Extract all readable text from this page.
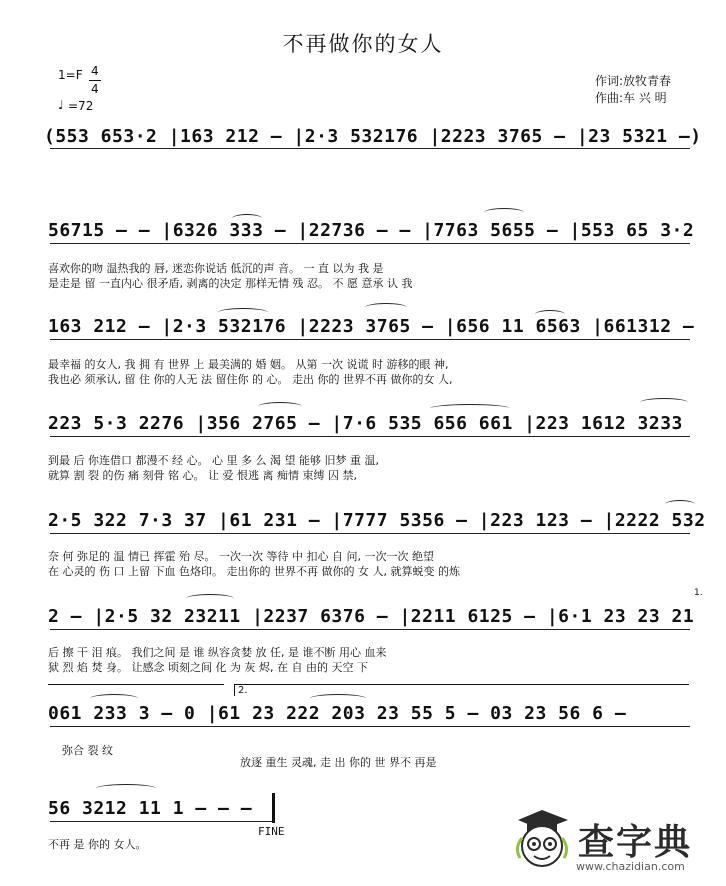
不再做你的女人
1=F 4
4
♩ =72
作词:放牧青春
作曲:车 兴 明
(553 653·2 |163 212 — |2·3 532176 |2223 3765 — |23 5321 —)
56715 — — |6326 333 — |22736 — — |7763 5655 — |553 65 3·2
喜欢你的吻 温热我的 唇, 迷恋你说话 低沉的声 音。 一 直 以为 我 是
是走是 留 一直内心 很矛盾, 剥离的决定 那样无情 残 忍。 不 愿 意承 认 我
163 212 — |2·3 532176 |2223 3765 — |656 11 6563 |661312 —
最幸福 的女人, 我 拥 有 世界 上 最美满的 婚 姻。 从第 一次 说谎 时 游移的眼 神,
我也必 须承认, 留 住 你的人无 法 留住你 的 心。 走出 你的 世界不再 做你的女 人,
223 5·3 2276 |356 2765 — |7·6 535 656 661 |223 1612 3233
到最 后 你连借口 都漫不 经 心。 心 里 多 么 渴 望 能够 旧梦 重 温,
就算 割 裂 的伤 痛 刻骨 铭 心。 让 爱 恨逃 离 痴情 束缚 囚 禁,
2·5 322 7·3 37 |61 231 — |7777 5356 — |223 123 — |2222 532
奈 何 弥足的 温 情已 挥霍 殆 尽。 一次一次 等待 中 扣心 自 问, 一次一次 绝望
在 心灵的 伤 口 上留 下血 色烙印。 走出你的 世界不再 做你的 女 人, 就算蜕变 的炼
2 — |2·5 32 23211 |2237 6376 — |2211 6125 — |6·1 23 23 21
1.
后 擦 干 泪 痕。 我们之间 是 谁 纵容贪婪 放 任, 是 谁不断 用心 血来
狱 烈 焰 焚 身。 让感念 顷刻之间 化 为 灰 烬, 在 自 由的 天空 下
2.
061 233 3 — 0 |61 23 222 203 23 55 5 — 03 23 56 6 —
弥合 裂 纹
放逐 重生 灵魂, 走 出 你的 世 界不 再是
56 3212 11 1 — — —
FINE
不再 是 你的 女人。	查字典
www.chazidian.com
